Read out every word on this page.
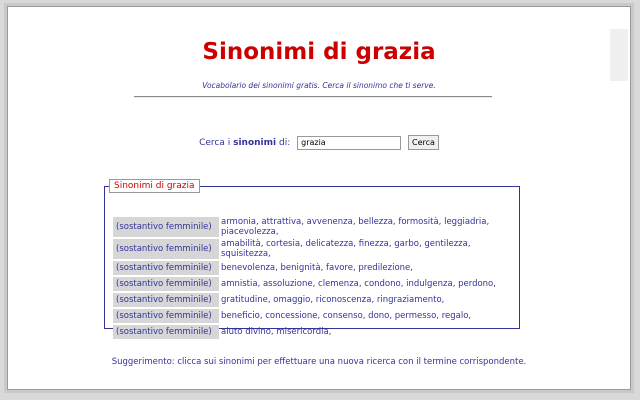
Sinonimi di grazia
Vocabolario dei sinonimi gratis. Cerca il sinonimo che ti serve.
Cerca i sinonimi di: grazia	Cerca
Sinonimi di grazia
(sostantivo femminile)	armonia, attrattiva, avvenenza, bellezza, formosità, leggiadria, piacevolezza,
(sostantivo femminile)	amabilità, cortesia, delicatezza, finezza, garbo, gentilezza, squisitezza,
(sostantivo femminile)	benevolenza, benignità, favore, predilezione,
(sostantivo femminile)	amnistia, assoluzione, clemenza, condono, indulgenza, perdono,
(sostantivo femminile)	gratitudine, omaggio, riconoscenza, ringraziamento,
(sostantivo femminile)	beneficio, concessione, consenso, dono, permesso, regalo,
(sostantivo femminile)	aiuto divino, misericordia,
Suggerimento: clicca sui sinonimi per effettuare una nuova ricerca con il termine corrispondente.
